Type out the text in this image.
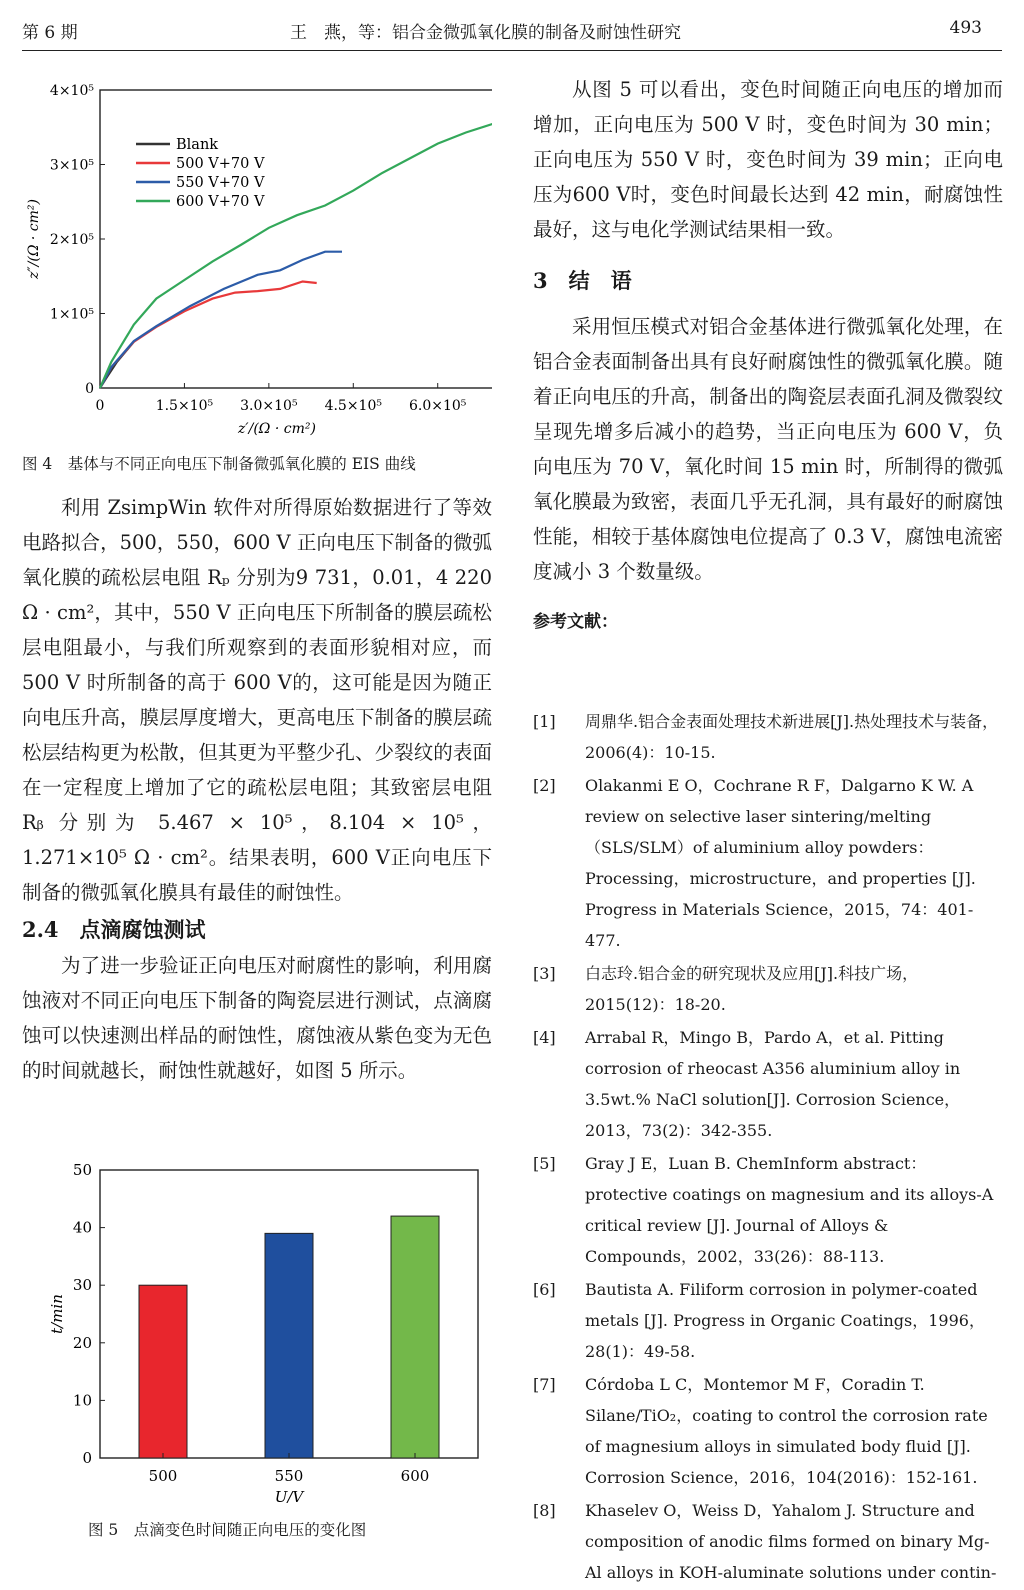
第 6 期	王　燕，等：铝合金微弧氧化膜的制备及耐蚀性研究	493
0	1.5×10⁵ 3.0×10⁵ 4.5×10⁵ 6.0×10⁵
0
1×10⁵
2×10⁵
3×10⁵
4×10⁵
z′/(Ω · cm²)
z″/(Ω · cm²)
Blank
500 V+70 V
550 V+70 V
600 V+70 V
图 4　基体与不同正向电压下制备微弧氧化膜的 EIS 曲线

利用 ZsimpWin 软件对所得原始数据进行了等效电路拟合，500，550，600 V 正向电压下制备的微弧氧化膜的疏松层电阻 Rₚ 分别为9 731，0.01，4 220 Ω · cm²，其中，550 V 正向电压下所制备的膜层疏松层电阻最小，与我们所观察到的表面形貌相对应，而 500 V 时所制备的高于 600 V的，这可能是因为随正向电压升高，膜层厚度增大，更高电压下制备的膜层疏松层结构更为松散，但其更为平整少孔、少裂纹的表面在一定程度上增加了它的疏松层电阻；其致密层电阻 Rᵦ 分别为 5.467 × 10⁵，8.104 × 10⁵，1.271×10⁵ Ω · cm²。结果表明，600 V正向电压下制备的微弧氧化膜具有最佳的耐蚀性。

2.4　点滴腐蚀测试

为了进一步验证正向电压对耐腐性的影响，利用腐蚀液对不同正向电压下制备的陶瓷层进行测试，点滴腐蚀可以快速测出样品的耐蚀性，腐蚀液从紫色变为无色的时间就越长，耐蚀性就越好，如图 5 所示。

0
10
20
30
40
50
500	550	600
U/V
t/min
图 5　点滴变色时间随正向电压的变化图

从图 5 可以看出，变色时间随正向电压的增加而增加，正向电压为 500 V 时，变色时间为 30 min；正向电压为 550 V 时，变色时间为 39 min；正向电压为600 V时，变色时间最长达到 42 min，耐腐蚀性最好，这与电化学测试结果相一致。

3　结　语

采用恒压模式对铝合金基体进行微弧氧化处理，在铝合金表面制备出具有良好耐腐蚀性的微弧氧化膜。随着正向电压的升高，制备出的陶瓷层表面孔洞及微裂纹呈现先增多后减小的趋势，当正向电压为 600 V，负向电压为 70 V，氧化时间 15 min 时，所制得的微弧氧化膜最为致密，表面几乎无孔洞，具有最好的耐腐蚀性能，相较于基体腐蚀电位提高了 0.3 V，腐蚀电流密度减小 3 个数量级。

参考文献：
[1] 周鼎华.铝合金表面处理技术新进展[J].热处理技术与装备，2006(4)：10-15.
[2] Olakanmi E O，Cochrane R F，Dalgarno K W. A review on selective laser sintering/melting（SLS/SLM）of aluminium alloy powders：Processing，microstructure，and properties [J]. Progress in Materials Science，2015，74：401-477.
[3] 白志玲.铝合金的研究现状及应用[J].科技广场，2015(12)：18-20.
[4] Arrabal R，Mingo B，Pardo A，et al. Pitting corrosion of rheocast A356 aluminium alloy in 3.5wt.% NaCl solution[J]. Corrosion Science，2013，73(2)：342-355.
[5] Gray J E，Luan B. ChemInform abstract：protective coatings on magnesium and its alloys-A critical review [J]. Journal of Alloys & Compounds，2002，33(26)：88-113.
[6] Bautista A. Filiform corrosion in polymer-coated metals [J]. Progress in Organic Coatings，1996，28(1)：49-58.
[7] Córdoba L C，Montemor M F，Coradin T. Silane/TiO₂，coating to control the corrosion rate of magnesium alloys in simulated body fluid [J]. Corrosion Science，2016，104(2016)：152-161.
[8] Khaselev O，Weiss D，Yahalom J. Structure and composition of anodic films formed on binary Mg-Al alloys in KOH-aluminate solutions under contin-
